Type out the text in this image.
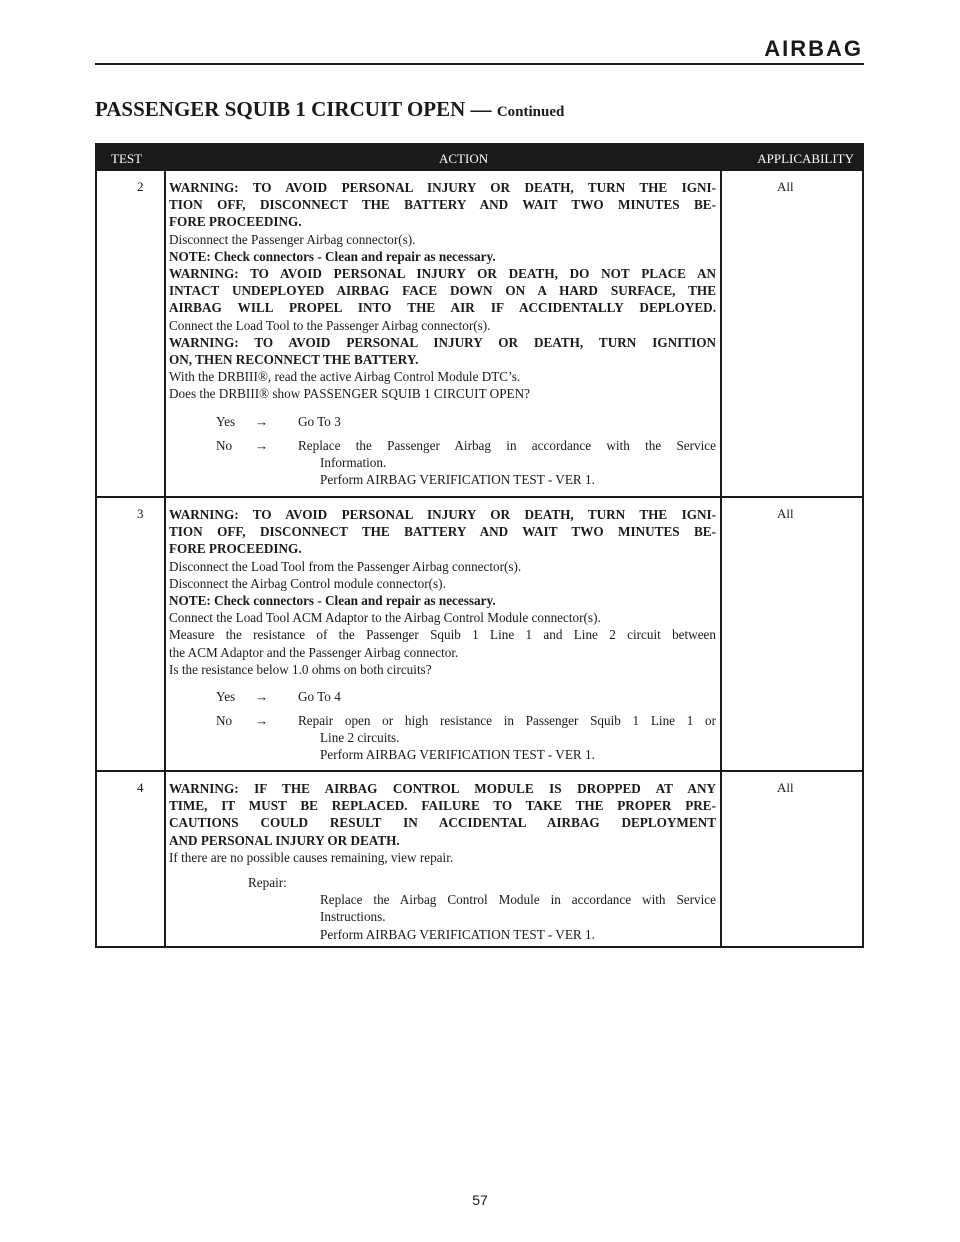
AIRBAG
PASSENGER SQUIB 1 CIRCUIT OPEN — Continued
TEST	ACTION	APPLICABILITY
2 WARNING: TO AVOID PERSONAL INJURY OR DEATH, TURN THE IGNI-

TION OFF, DISCONNECT THE BATTERY AND WAIT TWO MINUTES BE-

FORE PROCEEDING.

Disconnect the Passenger Airbag connector(s).

NOTE: Check connectors - Clean and repair as necessary.

WARNING: TO AVOID PERSONAL INJURY OR DEATH, DO NOT PLACE AN

INTACT UNDEPLOYED AIRBAG FACE DOWN ON A HARD SURFACE, THE

AIRBAG WILL PROPEL INTO THE AIR IF ACCIDENTALLY DEPLOYED.

Connect the Load Tool to the Passenger Airbag connector(s).

WARNING: TO AVOID PERSONAL INJURY OR DEATH, TURN IGNITION

ON, THEN RECONNECT THE BATTERY.

With the DRBIII®, read the active Airbag Control Module DTC’s.

Does the DRBIII® show PASSENGER SQUIB 1 CIRCUIT OPEN?

Yes → Go To 3
No → Replace the Passenger Airbag in accordance with the Service

Information.

Perform AIRBAG VERIFICATION TEST - VER 1.

All
3 WARNING: TO AVOID PERSONAL INJURY OR DEATH, TURN THE IGNI-

TION OFF, DISCONNECT THE BATTERY AND WAIT TWO MINUTES BE-

FORE PROCEEDING.

Disconnect the Load Tool from the Passenger Airbag connector(s).

Disconnect the Airbag Control module connector(s).

NOTE: Check connectors - Clean and repair as necessary.

Connect the Load Tool ACM Adaptor to the Airbag Control Module connector(s).

Measure the resistance of the Passenger Squib 1 Line 1 and Line 2 circuit between

the ACM Adaptor and the Passenger Airbag connector.

Is the resistance below 1.0 ohms on both circuits?

Yes → Go To 4
No → Repair open or high resistance in Passenger Squib 1 Line 1 or

Line 2 circuits.

Perform AIRBAG VERIFICATION TEST - VER 1.

All
4 WARNING: IF THE AIRBAG CONTROL MODULE IS DROPPED AT ANY

TIME, IT MUST BE REPLACED. FAILURE TO TAKE THE PROPER PRE-

CAUTIONS COULD RESULT IN ACCIDENTAL AIRBAG DEPLOYMENT

AND PERSONAL INJURY OR DEATH.

If there are no possible causes remaining, view repair.

Repair:

Replace the Airbag Control Module in accordance with Service

Instructions.

Perform AIRBAG VERIFICATION TEST - VER 1.

All
57
